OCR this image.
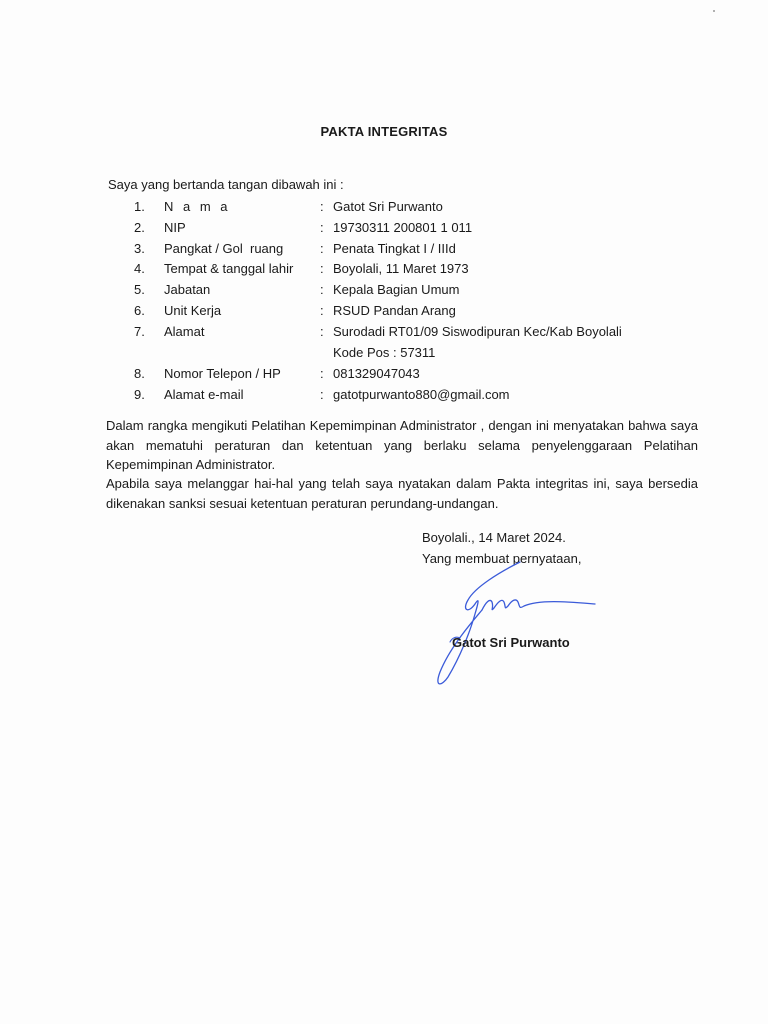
PAKTA INTEGRITAS
Saya yang bertanda tangan dibawah ini :
1.	N a m a	: Gatot Sri Purwanto
2.	NIP	: 19730311 200801 1 011
3.	Pangkat / Gol  ruang	: Penata Tingkat I / IIId
4.	Tempat & tanggal lahir : Boyolali, 11 Maret 1973
5.	Jabatan	: Kepala Bagian Umum
6.	Unit Kerja	: RSUD Pandan Arang
7.	Alamat	: Surodadi RT01/09 Siswodipuran Kec/Kab Boyolali
Kode Pos : 57311
8.	Nomor Telepon / HP	: 081329047043
9.	Alamat e-mail	: gatotpurwanto880@gmail.com
Dalam rangka mengikuti Pelatihan Kepemimpinan Administrator , dengan ini menyatakan bahwa saya akan mematuhi peraturan dan ketentuan yang berlaku selama penyelenggaraan Pelatihan Kepemimpinan Administrator.
Apabila saya melanggar hai-hal yang telah saya nyatakan dalam Pakta integritas ini, saya bersedia dikenakan sanksi sesuai ketentuan peraturan perundang-undangan.
Boyolali., 14 Maret 2024.
Yang membuat pernyataan,
Gatot Sri Purwanto
